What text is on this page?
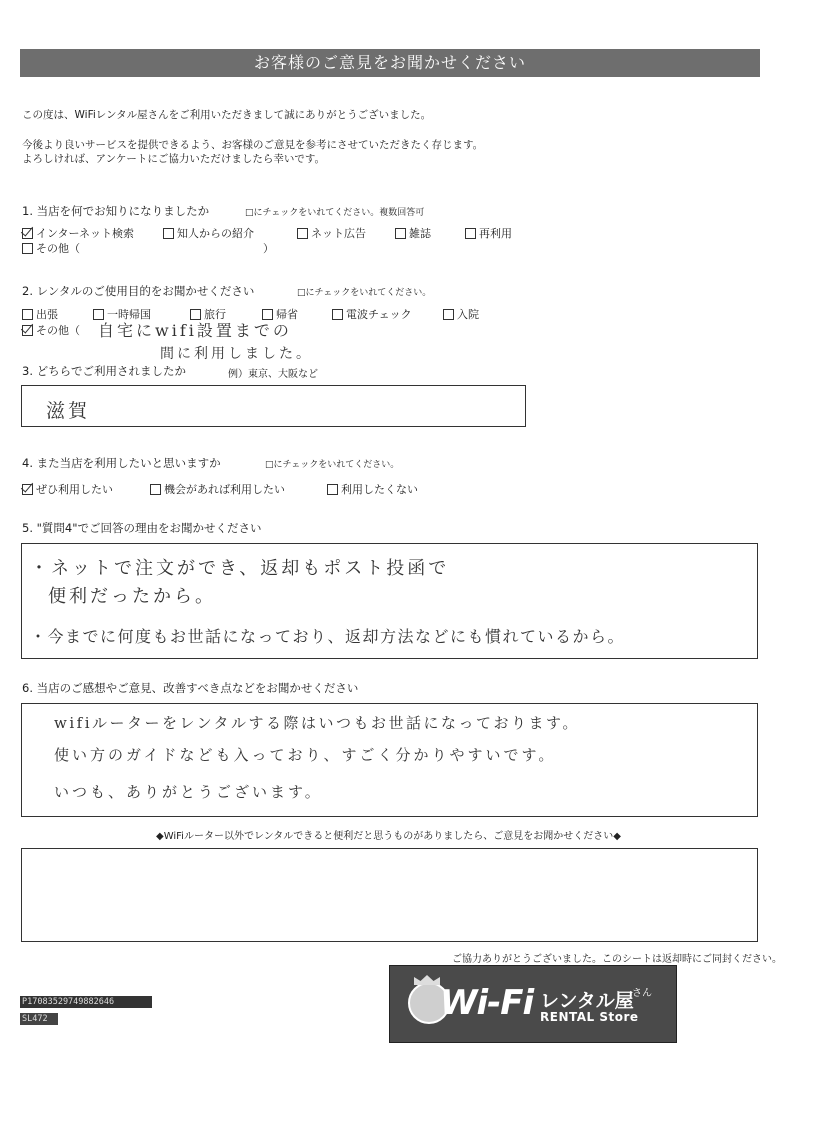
お客様のご意見をお聞かせください
この度は、WiFiレンタル屋さんをご利用いただきまして誠にありがとうございました。
今後より良いサービスを提供できるよう、お客様のご意見を参考にさせていただきたく存じます。
よろしければ、アンケートにご協力いただけましたら幸いです。
1. 当店を何でお知りになりましたか	□にチェックをいれてください。複数回答可
インターネット検索	知人からの紹介	ネット広告	雑誌	再利用
その他（	）
2. レンタルのご使用目的をお聞かせください	□にチェックをいれてください。
出張	一時帰国	旅行	帰省	電波チェック	入院
その他（ 自宅にwifi設置までの
間に利用しました。
3. どちらでご利用されましたか	例）東京、大阪など
滋賀
4. また当店を利用したいと思いますか	□にチェックをいれてください。
ぜひ利用したい	機会があれば利用したい	利用したくない
5. "質問4"でご回答の理由をお聞かせください
・ネットで注文ができ、返却もポスト投函で
便利だったから。
・今までに何度もお世話になっており、返却方法などにも慣れているから。
6. 当店のご感想やご意見、改善すべき点などをお聞かせください
wifiルーターをレンタルする際はいつもお世話になっております。
使い方のガイドなども入っており、すごく分かりやすいです。
いつも、ありがとうございます。
◆WiFiルーター以外でレンタルできると便利だと思うものがありましたら、ご意見をお聞かせください◆
ご協力ありがとうございました。このシートは返却時にご同封ください。
P17083529749882646
SL472	Wi-Fi レンタル屋
さん
RENTAL Store
